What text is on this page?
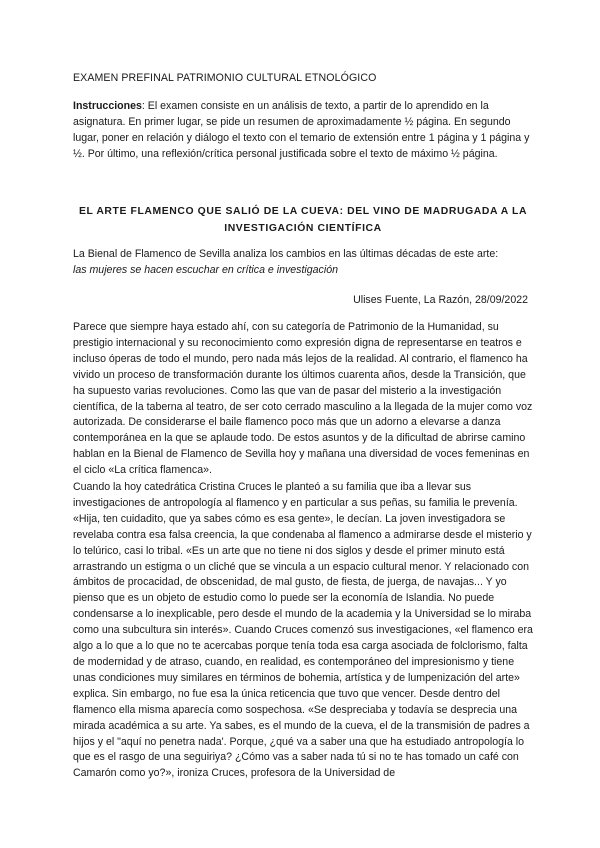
EXAMEN PREFINAL PATRIMONIO CULTURAL ETNOLÓGICO
Instrucciones: El examen consiste en un análisis de texto, a partir de lo aprendido en la asignatura. En primer lugar, se pide un resumen de aproximadamente ½ página. En segundo lugar, poner en relación y diálogo el texto con el temario de extensión entre 1 página y 1 página y ½. Por último, una reflexión/crítica personal justificada sobre el texto de máximo ½ página.
EL ARTE FLAMENCO QUE SALIÓ DE LA CUEVA: DEL VINO DE MADRUGADA A LA INVESTIGACIÓN CIENTÍFICA
La Bienal de Flamenco de Sevilla analiza los cambios en las últimas décadas de este arte:
las mujeres se hacen escuchar en crítica e investigación
Ulises Fuente, La Razón, 28/09/2022

Parece que siempre haya estado ahí, con su categoría de Patrimonio de la Humanidad, su prestigio internacional y su reconocimiento como expresión digna de representarse en teatros e incluso óperas de todo el mundo, pero nada más lejos de la realidad. Al contrario, el flamenco ha vivido un proceso de transformación durante los últimos cuarenta años, desde la Transición, que ha supuesto varias revoluciones. Como las que van de pasar del misterio a la investigación científica, de la taberna al teatro, de ser coto cerrado masculino a la llegada de la mujer como voz autorizada. De considerarse el baile flamenco poco más que un adorno a elevarse a danza contemporánea en la que se aplaude todo. De estos asuntos y de la dificultad de abrirse camino hablan en la Bienal de Flamenco de Sevilla hoy y mañana una diversidad de voces femeninas en el ciclo «La crítica flamenca».

Cuando la hoy catedrática Cristina Cruces le planteó a su familia que iba a llevar sus investigaciones de antropología al flamenco y en particular a sus peñas, su familia le prevenía. «Hija, ten cuidadito, que ya sabes cómo es esa gente», le decían. La joven investigadora se revelaba contra esa falsa creencia, la que condenaba al flamenco a admirarse desde el misterio y lo telúrico, casi lo tribal. «Es un arte que no tiene ni dos siglos y desde el primer minuto está arrastrando un estigma o un cliché que se vincula a un espacio cultural menor. Y relacionado con ámbitos de procacidad, de obscenidad, de mal gusto, de fiesta, de juerga, de navajas... Y yo pienso que es un objeto de estudio como lo puede ser la economía de Islandia. No puede condensarse a lo inexplicable, pero desde el mundo de la academia y la Universidad se lo miraba como una subcultura sin interés». Cuando Cruces comenzó sus investigaciones, «el flamenco era algo a lo que a lo que no te acercabas porque tenía toda esa carga asociada de folclorismo, falta de modernidad y de atraso, cuando, en realidad, es contemporáneo del impresionismo y tiene unas condiciones muy similares en términos de bohemia, artística y de lumpenización del arte»

explica. Sin embargo, no fue esa la única reticencia que tuvo que vencer. Desde dentro del flamenco ella misma aparecía como sospechosa. «Se despreciaba y todavía se desprecia una mirada académica a su arte. Ya sabes, es el mundo de la cueva, el de la transmisión de padres a hijos y el "aquí no penetra nada'. Porque, ¿qué va a saber una que ha estudiado antropología lo que es el rasgo de una seguiriya? ¿Cómo vas a saber nada tú si no te has tomado un café con Camarón como yo?», ironiza Cruces, profesora de la Universidad de
